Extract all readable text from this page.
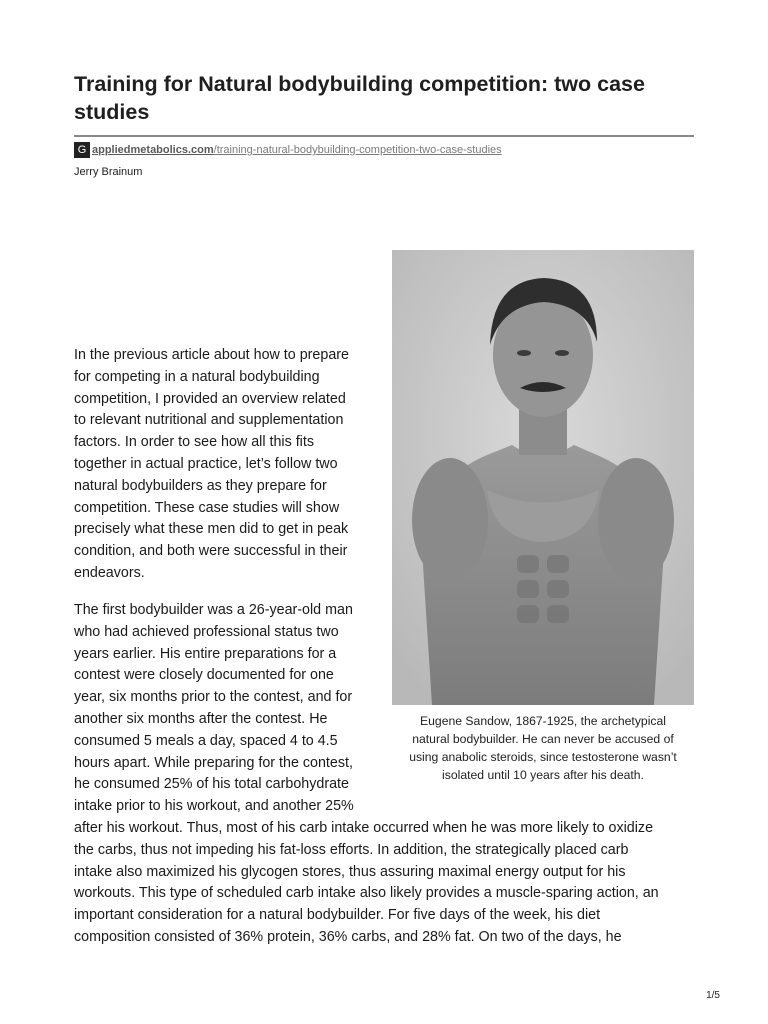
Training for Natural bodybuilding competition: two case studies
G appliedmetabolics.com /training-natural-bodybuilding-competition-two-case-studies
Jerry Brainum
Eugene Sandow, 1867-1925, the archetypical
natural bodybuilder. He can never be accused of
using anabolic steroids, since testosterone wasn’t
isolated until 10 years after his death.
In the previous article about how to prepare
for competing in a natural bodybuilding
competition, I provided an overview related
to relevant nutritional and supplementation
factors. In order to see how all this fits
together in actual practice, let’s follow two
natural bodybuilders as they prepare for
competition. These case studies will show
precisely what these men did to get in peak
condition, and both were successful in their
endeavors.
The first bodybuilder was a 26-year-old man
who had achieved professional status two
years earlier. His entire preparations for a
contest were closely documented for one
year, six months prior to the contest, and for
another six months after the contest. He
consumed 5 meals a day, spaced 4 to 4.5
hours apart. While preparing for the contest,
he consumed 25% of his total carbohydrate
intake prior to his workout, and another 25%
after his workout. Thus, most of his carb intake occurred when he was more likely to oxidize
the carbs, thus not impeding his fat-loss efforts. In addition, the strategically placed carb
intake also maximized his glycogen stores, thus assuring maximal energy output for his
workouts. This type of scheduled carb intake also likely provides a muscle-sparing action, an
important consideration for a natural bodybuilder. For five days of the week, his diet
composition consisted of 36% protein, 36% carbs, and 28% fat. On two of the days, he
1/5
